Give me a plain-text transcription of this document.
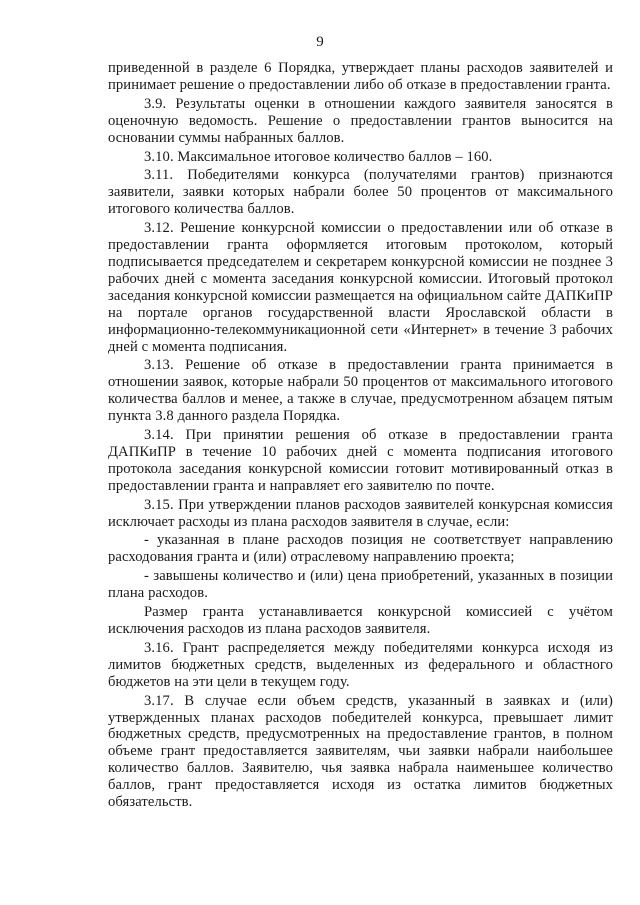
9

приведенной в разделе 6 Порядка, утверждает планы расходов заявителей и принимает решение о предоставлении либо об отказе в предоставлении гранта.

3.9. Результаты оценки в отношении каждого заявителя заносятся в оценочную ведомость. Решение о предоставлении грантов выносится на основании суммы набранных баллов.

3.10. Максимальное итоговое количество баллов – 160.

3.11. Победителями конкурса (получателями грантов) признаются заявители, заявки которых набрали более 50 процентов от максимального итогового количества баллов.

3.12. Решение конкурсной комиссии о предоставлении или об отказе в предоставлении гранта оформляется итоговым протоколом, который подписывается председателем и секретарем конкурсной комиссии не позднее 3 рабочих дней с момента заседания конкурсной комиссии. Итоговый протокол заседания конкурсной комиссии размещается на официальном сайте ДАПКиПР на портале органов государственной власти Ярославской области в информационно-телекоммуникационной сети «Интернет» в течение 3 рабочих дней с момента подписания.

3.13. Решение об отказе в предоставлении гранта принимается в отношении заявок, которые набрали 50 процентов от максимального итогового количества баллов и менее, а также в случае, предусмотренном абзацем пятым пункта 3.8 данного раздела Порядка.

3.14. При принятии решения об отказе в предоставлении гранта ДАПКиПР в течение 10 рабочих дней с момента подписания итогового протокола заседания конкурсной комиссии готовит мотивированный отказ в предоставлении гранта и направляет его заявителю по почте.

3.15. При утверждении планов расходов заявителей конкурсная комиссия исключает расходы из плана расходов заявителя в случае, если:

- указанная в плане расходов позиция не соответствует направлению расходования гранта и (или) отраслевому направлению проекта;

- завышены количество и (или) цена приобретений, указанных в позиции плана расходов.

Размер гранта устанавливается конкурсной комиссией с учётом исключения расходов из плана расходов заявителя.

3.16. Грант распределяется между победителями конкурса исходя из лимитов бюджетных средств, выделенных из федерального и областного бюджетов на эти цели в текущем году.

3.17. В случае если объем средств, указанный в заявках и (или) утвержденных планах расходов победителей конкурса, превышает лимит бюджетных средств, предусмотренных на предоставление грантов, в полном объеме грант предоставляется заявителям, чьи заявки набрали наибольшее количество баллов. Заявителю, чья заявка набрала наименьшее количество баллов, грант предоставляется исходя из остатка лимитов бюджетных обязательств.
